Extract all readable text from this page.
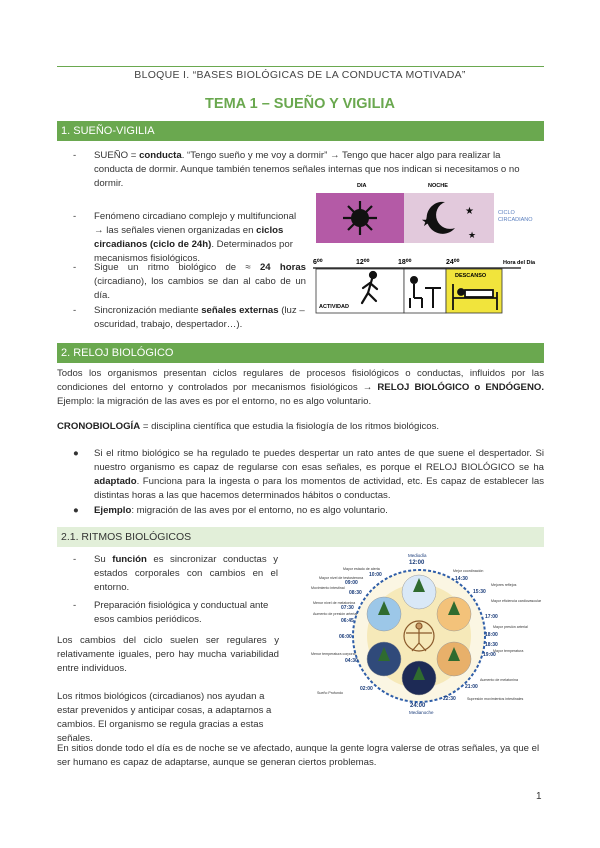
BLOQUE I. “BASES BIOLÓGICAS DE LA CONDUCTA MOTIVADA”
TEMA 1 – SUEÑO Y VIGILIA
1. SUEÑO-VIGILIA
- SUEÑO = conducta. “Tengo sueño y me voy a dormir” → Tengo que hacer algo para realizar la conducta de dormir. Aunque también tenemos señales internas que nos indican si necesitamos o no dormir.
- Fenómeno circadiano complejo y multifuncional → las señales vienen organizadas en ciclos circadianos (ciclo de 24h). Determinados por mecanismos fisiológicos.
- Sigue un ritmo biológico de ≈ 24 horas (circadiano), los cambios se dan al cabo de un día.
- Sincronización mediante señales externas (luz – oscuridad, trabajo, despertador…).
DIA	NOCHE
★
★
★
CICLO
CIRCADIANO
6⁰⁰	12⁰⁰	18⁰⁰	24⁰⁰	Hora del Día
ACTIVIDAD
DESCANSO
2. RELOJ BIOLÓGICO
Todos los organismos presentan ciclos regulares de procesos fisiológicos o conductas, influidos por las condiciones del entorno y controlados por mecanismos fisiológicos → RELOJ BIOLÓGICO o ENDÓGENO. Ejemplo: la migración de las aves es por el entorno, no es algo voluntario.
CRONOBIOLOGÍA = disciplina científica que estudia la fisiología de los ritmos biológicos.
● Si el ritmo biológico se ha regulado te puedes despertar un rato antes de que suene el despertador. Si nuestro organismo es capaz de regularse con esas señales, es porque el RELOJ BIOLÓGICO se ha adaptado. Funciona para la ingesta o para los momentos de actividad, etc. Es capaz de establecer las distintas horas a las que hacemos determinados hábitos o conductas.
● Ejemplo: migración de las aves por el entorno, no es algo voluntario.
2.1. RITMOS BIOLÓGICOS
- Su función es sincronizar conductas y estados corporales con cambios en el entorno.
- Preparación fisiológica y conductual ante esos cambios periódicos.
Los cambios del ciclo suelen ser regulares y relativamente iguales, pero hay mucha variabilidad entre individuos.
Los ritmos biológicos (circadianos) nos ayudan a estar prevenidos y anticipar cosas, a adaptarnos a cambios. El organismo se regula gracias a estas señales.
Mediodía
12:00
Medianoche
24:00
10:00
09:00
08:30
07:30
06:45
06:00
04:30
02:00
14:30
15:30
17:00
18:00
18:30
19:00
21:00
22:30
Mayor estado de alerta
Mayor nivel de testosterona
Movimiento intestinal
Menor nivel de melatonina
Aumento de presión arterial
Menor temperatura corporal
Sueño Profundo
Mejor coordinación
Mejores reflejos
Mayor eficiencia cardiovascular
Mayor presión arterial
Mayor temperatura
Aumento de melatonina
Supresión movimientos intestinales
En sitios donde todo el día es de noche se ve afectado, aunque la gente logra valerse de otras señales, ya que el ser humano es capaz de adaptarse, aunque se generan ciertos problemas.
1
